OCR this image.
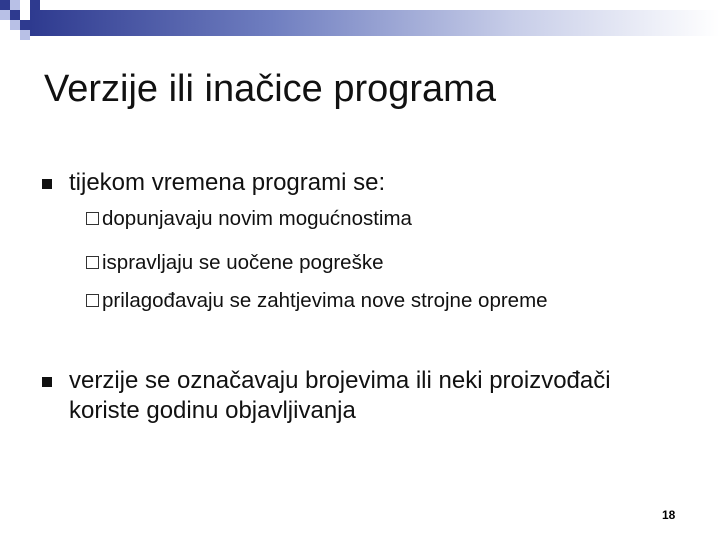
Verzije ili inačice programa
tijekom vremena programi se:
dopunjavaju novim mogućnostima
ispravljaju se uočene pogreške
prilagođavaju se zahtjevima nove strojne opreme
verzije se označavaju brojevima ili neki proizvođači koriste godinu objavljivanja
18
